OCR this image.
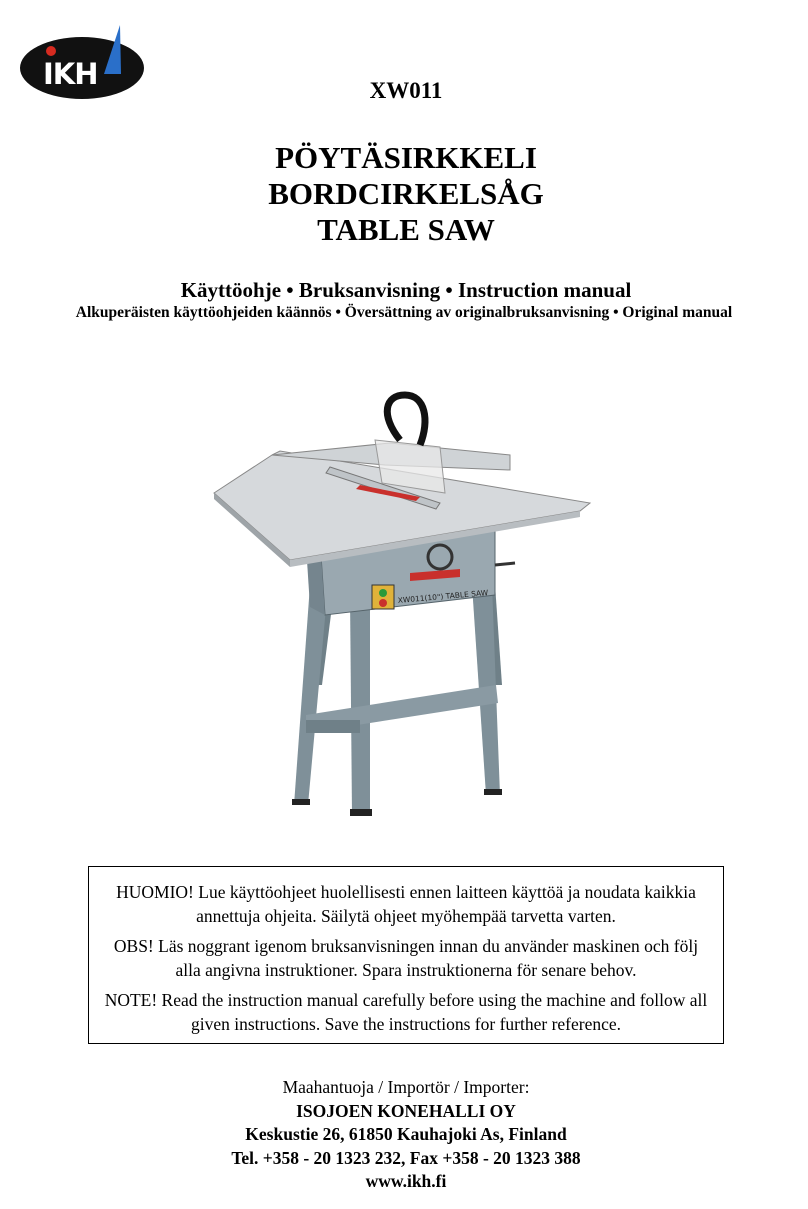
IKH	XW011
PÖYTÄSIRKKELI
BORDCIRKELSÅG
TABLE SAW
Käyttöohje • Bruksanvisning • Instruction manual
Alkuperäisten käyttöohjeiden käännös • Översättning av originalbruksanvisning • Original manual
XW011(10") TABLE SAW

HUOMIO! Lue käyttöohjeet huolellisesti ennen laitteen käyttöä ja noudata kaikkia annettuja ohjeita. Säilytä ohjeet myöhempää tarvetta varten.

OBS! Läs noggrant igenom bruksanvisningen innan du använder maskinen och följ alla angivna instruktioner. Spara instruktionerna för senare behov.

NOTE! Read the instruction manual carefully before using the machine and follow all given instructions. Save the instructions for further reference.

Maahantuoja / Importör / Importer:
ISOJOEN KONEHALLI OY
Keskustie 26, 61850 Kauhajoki As, Finland
Tel. +358 - 20 1323 232, Fax +358 - 20 1323 388
www.ikh.fi
